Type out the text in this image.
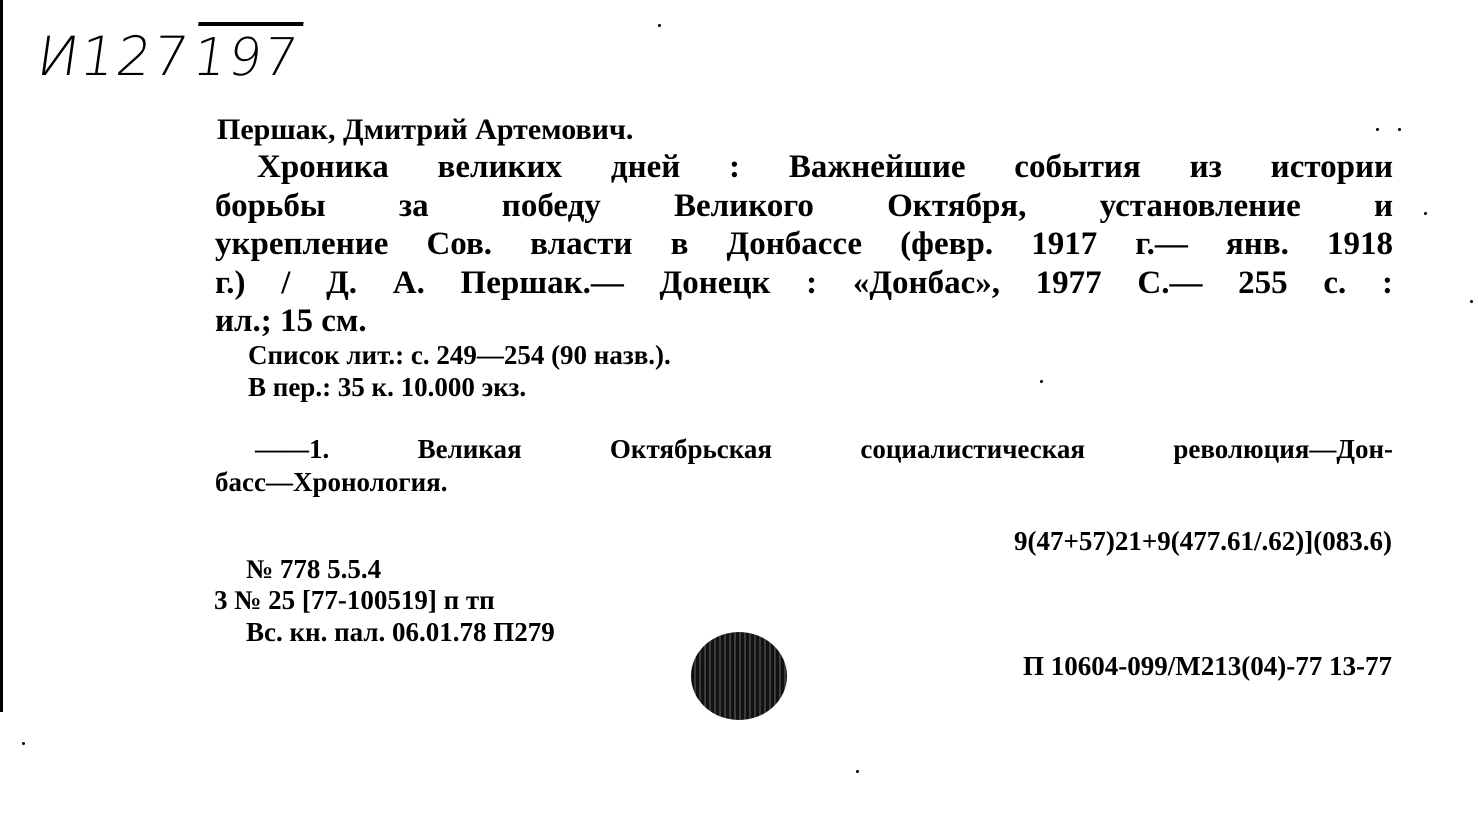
И127197
Першак, Дмитрий Артемович.
Хроника великих дней : Важнейшие события из истории
борьбы за победу Великого Октября, установление и
укрепление Сов. власти в Донбассе (февр. 1917 г.— янв. 1918
г.) / Д. А. Першак.— Донецк : «Донбас», 1977 С.— 255 с. :
ил.; 15 см.
Список лит.: с. 249—254 (90 назв.).
В пер.: 35 к. 10.000 экз.
——1. Великая Октябрьская социалистическая революция—Дон-
басс—Хронология.
9(47+57)21+9(477.61/.62)](083.6)
№ 778 5.5.4
3 № 25 [77-100519] п тп
Вс. кн. пал. 06.01.78 П279
П 10604-099/М213(04)-77 13-77
